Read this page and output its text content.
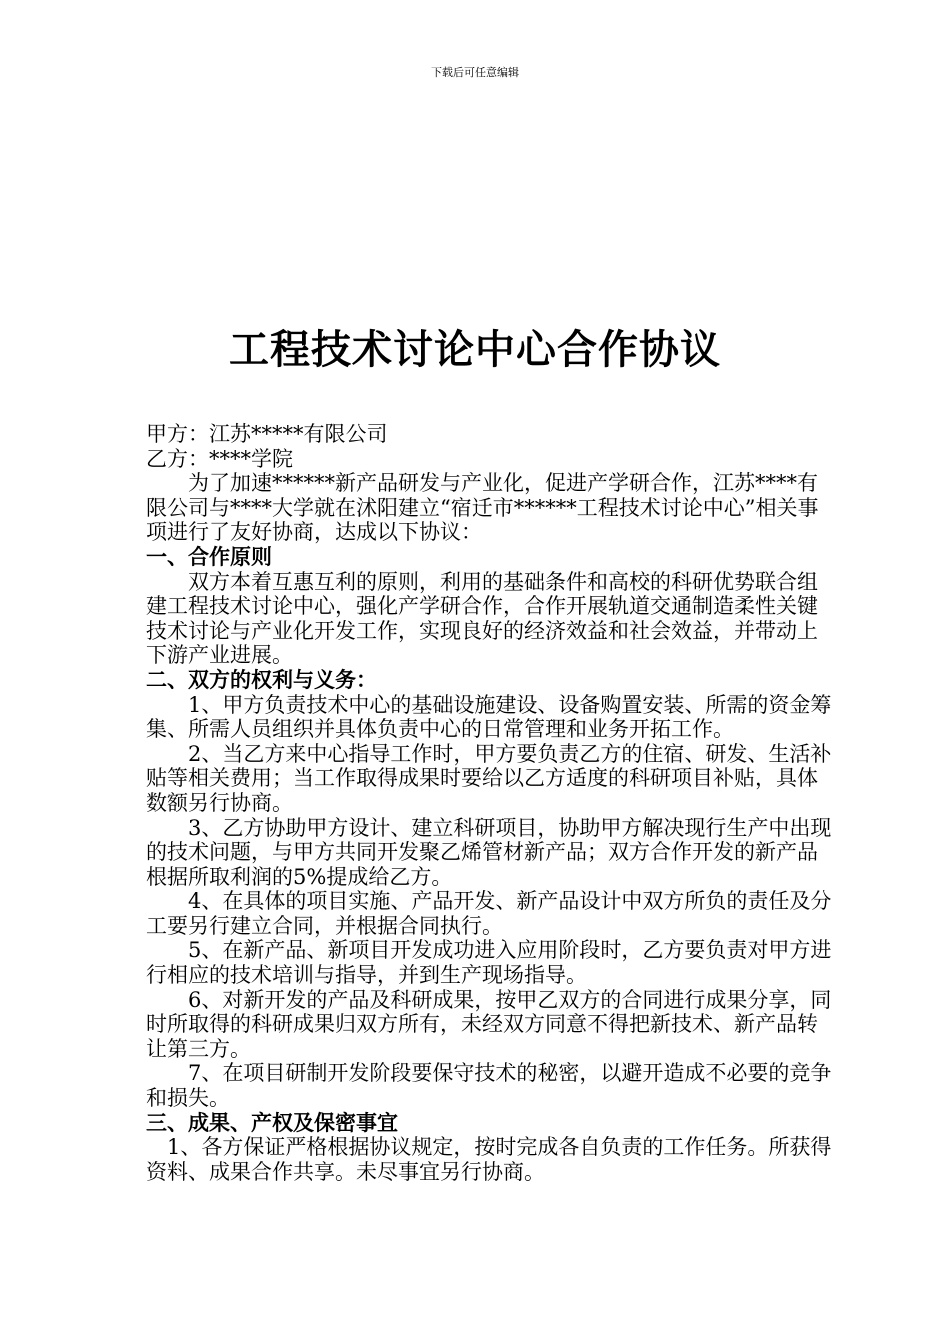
下载后可任意编辑
工程技术讨论中心合作协议

甲方：江苏*****有限公司

乙方：****学院

为了加速******新产品研发与产业化，促进产学研合作，江苏****有限公司与****大学就在沭阳建立“宿迁市******工程技术讨论中心”相关事项进行了友好协商，达成以下协议：

一、合作原则

双方本着互惠互利的原则，利用的基础条件和高校的科研优势联合组建工程技术讨论中心，强化产学研合作，合作开展轨道交通制造柔性关键技术讨论与产业化开发工作，实现良好的经济效益和社会效益，并带动上下游产业进展。

二、双方的权利与义务：

1、甲方负责技术中心的基础设施建设、设备购置安装、所需的资金筹集、所需人员组织并具体负责中心的日常管理和业务开拓工作。

2、当乙方来中心指导工作时，甲方要负责乙方的住宿、研发、生活补贴等相关费用；当工作取得成果时要给以乙方适度的科研项目补贴，具体数额另行协商。

3、乙方协助甲方设计、建立科研项目，协助甲方解决现行生产中出现的技术问题，与甲方共同开发聚乙烯管材新产品；双方合作开发的新产品根据所取利润的5%提成给乙方。

4、在具体的项目实施、产品开发、新产品设计中双方所负的责任及分工要另行建立合同，并根据合同执行。

5、在新产品、新项目开发成功进入应用阶段时，乙方要负责对甲方进行相应的技术培训与指导，并到生产现场指导。

6、对新开发的产品及科研成果，按甲乙双方的合同进行成果分享，同时所取得的科研成果归双方所有，未经双方同意不得把新技术、新产品转让第三方。

7、在项目研制开发阶段要保守技术的秘密，以避开造成不必要的竞争和损失。

三、成果、产权及保密事宜

1、各方保证严格根据协议规定，按时完成各自负责的工作任务。所获得资料、成果合作共享。未尽事宜另行协商。
